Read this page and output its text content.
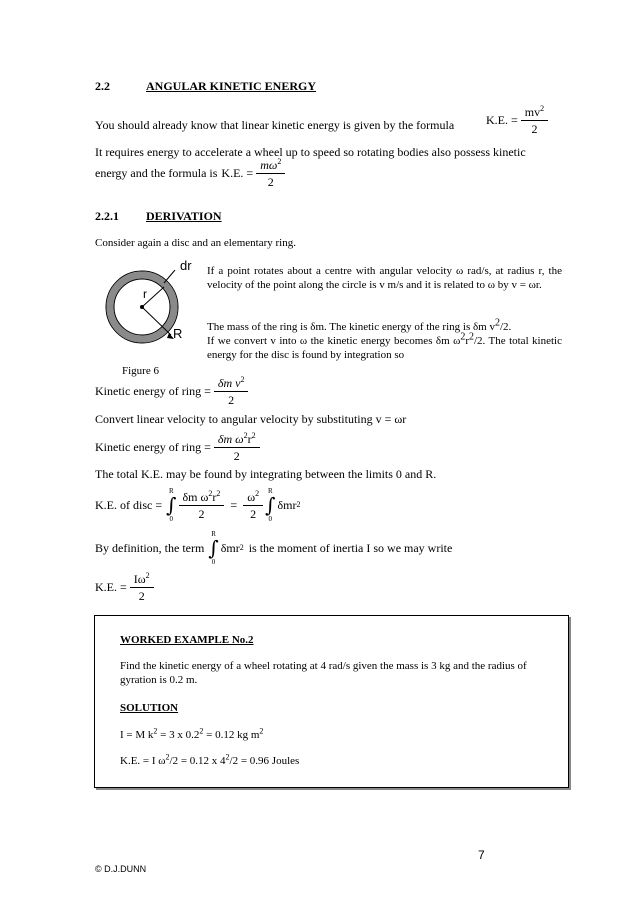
2.2	ANGULAR KINETIC ENERGY
You should already know that linear kinetic energy is given by the formula	K.E. = $\frac{mv^2}{2}$
It requires energy to accelerate a wheel up to speed so rotating bodies also possess kinetic
energy and the formula is K.E. = $\frac{m\omega^2}{2}$
2.2.1 DERIVATION
Consider again a disc and an elementary ring.
dr
r
R
Figure 6
If a point rotates about a centre with angular velocity ω rad/s, at radius r, the velocity of the point along the circle is v m/s and it is related to ω by v = ωr.
The mass of the ring is δm. The kinetic energy of the ring is δm $v^2/2$.
If we convert v into ω the kinetic energy becomes δm $\omega^2r^2/2$. The total kinetic energy for the disc is found by integration so
Kinetic energy of ring = $\frac{\delta m v^2}{2}$
Convert linear velocity to angular velocity by substituting v = ωr
Kinetic energy of ring = $\frac{\delta m \omega^2r^2}{2}$
The total K.E. may be found by integrating between the limits 0 and R.
K.E. of disc =
R
∫
$0 \frac{\delta m \omega^2r^2}{2} = \frac{\omega^2}{2}$ R
∫
0
δmr 2
By definition, the term
R
∫
0
δmr 2 is the moment of inertia I so we may write
K.E. = $\frac{I\omega^2}{2}$
WORKED EXAMPLE No.2
Find the kinetic energy of a wheel rotating at 4 rad/s given the mass is 3 kg and the radius of gyration is 0.2 m.
SOLUTION
I = M $k^2 = 3$ x $0.2^2 = 0.12$ kg $m^2$
K.E. = I $\omega^2/2 = 0.12$ x $4^2/2 = 0.96$ Joules
7
© D.J.DUNN
